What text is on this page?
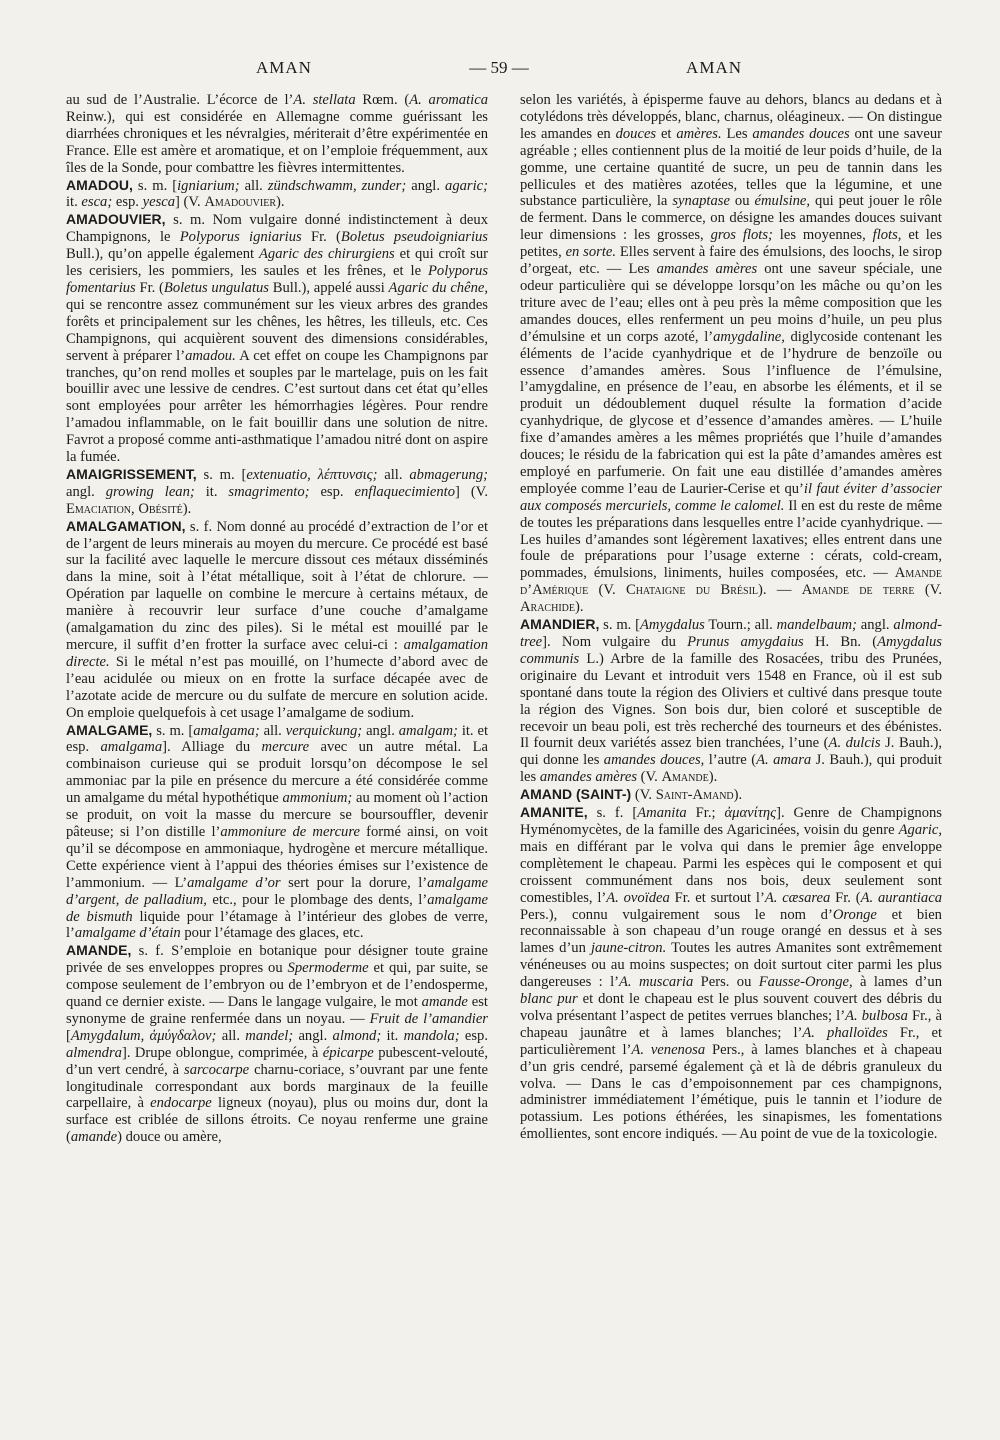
AMAN	— 59 —	AMAN

au sud de l’Australie. L’écorce de l’A. stellata Rœm. (A. aromatica Reinw.), qui est considérée en Allemagne comme guérissant les diarrhées chroniques et les névralgies, mériterait d’être expérimentée en France. Elle est amère et aromatique, et on l’emploie fréquemment, aux îles de la Sonde, pour combattre les fièvres intermittentes.

AMADOU, s. m. [igniarium; all. zündschwamm, zunder; angl. agaric; it. esca; esp. yesca] (V. Amadouvier).

AMADOUVIER, s. m. Nom vulgaire donné indistinctement à deux Champignons, le Polyporus igniarius Fr. (Boletus pseudoigniarius Bull.), qu’on appelle également Agaric des chirurgiens et qui croît sur les cerisiers, les pommiers, les saules et les frênes, et le Polyporus fomentarius Fr. (Boletus ungulatus Bull.), appelé aussi Agaric du chêne, qui se rencontre assez communément sur les vieux arbres des grandes forêts et principalement sur les chênes, les hêtres, les tilleuls, etc. Ces Champignons, qui acquièrent souvent des dimensions considérables, servent à préparer l’amadou. A cet effet on coupe les Champignons par tranches, qu’on rend molles et souples par le martelage, puis on les fait bouillir avec une lessive de cendres. C’est surtout dans cet état qu’elles sont employées pour arrêter les hémorrhagies légères. Pour rendre l’amadou inflammable, on le fait bouillir dans une solution de nitre. Favrot a proposé comme anti-asthmatique l’amadou nitré dont on aspire la fumée.

AMAIGRISSEMENT, s. m. [extenuatio, λέπτυνσις; all. abmagerung; angl. growing lean; it. smagrimento; esp. enflaquecimiento] (V. Emaciation, Obésité).

AMALGAMATION, s. f. Nom donné au procédé d’extraction de l’or et de l’argent de leurs minerais au moyen du mercure. Ce procédé est basé sur la facilité avec laquelle le mercure dissout ces métaux disséminés dans la mine, soit à l’état métallique, soit à l’état de chlorure. — Opération par laquelle on combine le mercure à certains métaux, de manière à recouvrir leur surface d’une couche d’amalgame (amalgamation du zinc des piles). Si le métal est mouillé par le mercure, il suffit d’en frotter la surface avec celui-ci : amalgamation directe. Si le métal n’est pas mouillé, on l’humecte d’abord avec de l’eau acidulée ou mieux on en frotte la surface décapée avec de l’azotate acide de mercure ou du sulfate de mercure en solution acide. On emploie quelquefois à cet usage l’amalgame de sodium.

AMALGAME, s. m. [amalgama; all. verquickung; angl. amalgam; it. et esp. amalgama]. Alliage du mercure avec un autre métal. La combinaison curieuse qui se produit lorsqu’on décompose le sel ammoniac par la pile en présence du mercure a été considérée comme un amalgame du métal hypothétique ammonium; au moment où l’action se produit, on voit la masse du mercure se boursouffler, devenir pâteuse; si l’on distille l’ammoniure de mercure formé ainsi, on voit qu’il se décompose en ammoniaque, hydrogène et mercure métallique. Cette expérience vient à l’appui des théories émises sur l’existence de l’ammonium. — L’amalgame d’or sert pour la dorure, l’amalgame d’argent, de palladium, etc., pour le plombage des dents, l’amalgame de bismuth liquide pour l’étamage à l’intérieur des globes de verre, l’amalgame d’étain pour l’étamage des glaces, etc.

AMANDE, s. f. S’emploie en botanique pour désigner toute graine privée de ses enveloppes propres ou Spermoderme et qui, par suite, se compose seulement de l’embryon ou de l’embryon et de l’endosperme, quand ce dernier existe. — Dans le langage vulgaire, le mot amande est synonyme de graine renfermée dans un noyau. — Fruit de l’amandier [Amygdalum, ἀμύγδαλον; all. mandel; angl. almond; it. mandola; esp. almendra]. Drupe oblongue, comprimée, à épicarpe pubescent-velouté, d’un vert cendré, à sarcocarpe charnu-coriace, s’ouvrant par une fente longitudinale correspondant aux bords marginaux de la feuille carpellaire, à endocarpe ligneux (noyau), plus ou moins dur, dont la surface est criblée de sillons étroits. Ce noyau renferme une graine (amande) douce ou amère,

selon les variétés, à épisperme fauve au dehors, blancs au dedans et à cotylédons très développés, blanc, charnus, oléagineux. — On distingue les amandes en douces et amères. Les amandes douces ont une saveur agréable ; elles contiennent plus de la moitié de leur poids d’huile, de la gomme, une certaine quantité de sucre, un peu de tannin dans les pellicules et des matières azotées, telles que la légumine, et une substance particulière, la synaptase ou émulsine, qui peut jouer le rôle de ferment. Dans le commerce, on désigne les amandes douces suivant leur dimensions : les grosses, gros flots; les moyennes, flots, et les petites, en sorte. Elles servent à faire des émulsions, des loochs, le sirop d’orgeat, etc. — Les amandes amères ont une saveur spéciale, une odeur particulière qui se développe lorsqu’on les mâche ou qu’on les triture avec de l’eau; elles ont à peu près la même composition que les amandes douces, elles renferment un peu moins d’huile, un peu plus d’émulsine et un corps azoté, l’amygdaline, diglycoside contenant les éléments de l’acide cyanhydrique et de l’hydrure de benzoïle ou essence d’amandes amères. Sous l’influence de l’émulsine, l’amygdaline, en présence de l’eau, en absorbe les éléments, et il se produit un dédoublement duquel résulte la formation d’acide cyanhydrique, de glycose et d’essence d’amandes amères. — L’huile fixe d’amandes amères a les mêmes propriétés que l’huile d’amandes douces; le résidu de la fabrication qui est la pâte d’amandes amères est employé en parfumerie. On fait une eau distillée d’amandes amères employée comme l’eau de Laurier-Cerise et qu’il faut éviter d’associer aux composés mercuriels, comme le calomel. Il en est du reste de même de toutes les préparations dans lesquelles entre l’acide cyanhydrique. — Les huiles d’amandes sont légèrement laxatives; elles entrent dans une foule de préparations pour l’usage externe : cérats, cold-cream, pommades, émulsions, liniments, huiles composées, etc. — Amande d’Amérique (V. Chataigne du Brésil). — Amande de terre (V. Arachide).

AMANDIER, s. m. [Amygdalus Tourn.; all. mandelbaum; angl. almond-tree]. Nom vulgaire du Prunus amygdaius H. Bn. (Amygdalus communis L.) Arbre de la famille des Rosacées, tribu des Prunées, originaire du Levant et introduit vers 1548 en France, où il est sub spontané dans toute la région des Oliviers et cultivé dans presque toute la région des Vignes. Son bois dur, bien coloré et susceptible de recevoir un beau poli, est très recherché des tourneurs et des ébénistes. Il fournit deux variétés assez bien tranchées, l’une (A. dulcis J. Bauh.), qui donne les amandes douces, l’autre (A. amara J. Bauh.), qui produit les amandes amères (V. Amande).

AMAND (SAINT-) (V. Saint-Amand).

AMANITE, s. f. [Amanita Fr.; ἀμανίτης]. Genre de Champignons Hyménomycètes, de la famille des Agaricinées, voisin du genre Agaric, mais en différant par le volva qui dans le premier âge enveloppe complètement le chapeau. Parmi les espèces qui le composent et qui croissent communément dans nos bois, deux seulement sont comestibles, l’A. ovoïdea Fr. et surtout l’A. cæsarea Fr. (A. aurantiaca Pers.), connu vulgairement sous le nom d’Oronge et bien reconnaissable à son chapeau d’un rouge orangé en dessus et à ses lames d’un jaune-citron. Toutes les autres Amanites sont extrêmement vénéneuses ou au moins suspectes; on doit surtout citer parmi les plus dangereuses : l’A. muscaria Pers. ou Fausse-Oronge, à lames d’un blanc pur et dont le chapeau est le plus souvent couvert des débris du volva présentant l’aspect de petites verrues blanches; l’A. bulbosa Fr., à chapeau jaunâtre et à lames blanches; l’A. phalloïdes Fr., et particulièrement l’A. venenosa Pers., à lames blanches et à chapeau d’un gris cendré, parsemé également çà et là de débris granuleux du volva. — Dans le cas d’empoisonnement par ces champignons, administrer immédiatement l’émétique, puis le tannin et l’iodure de potassium. Les potions éthérées, les sinapismes, les fomentations émollientes, sont encore indiqués. — Au point de vue de la toxicologie.
